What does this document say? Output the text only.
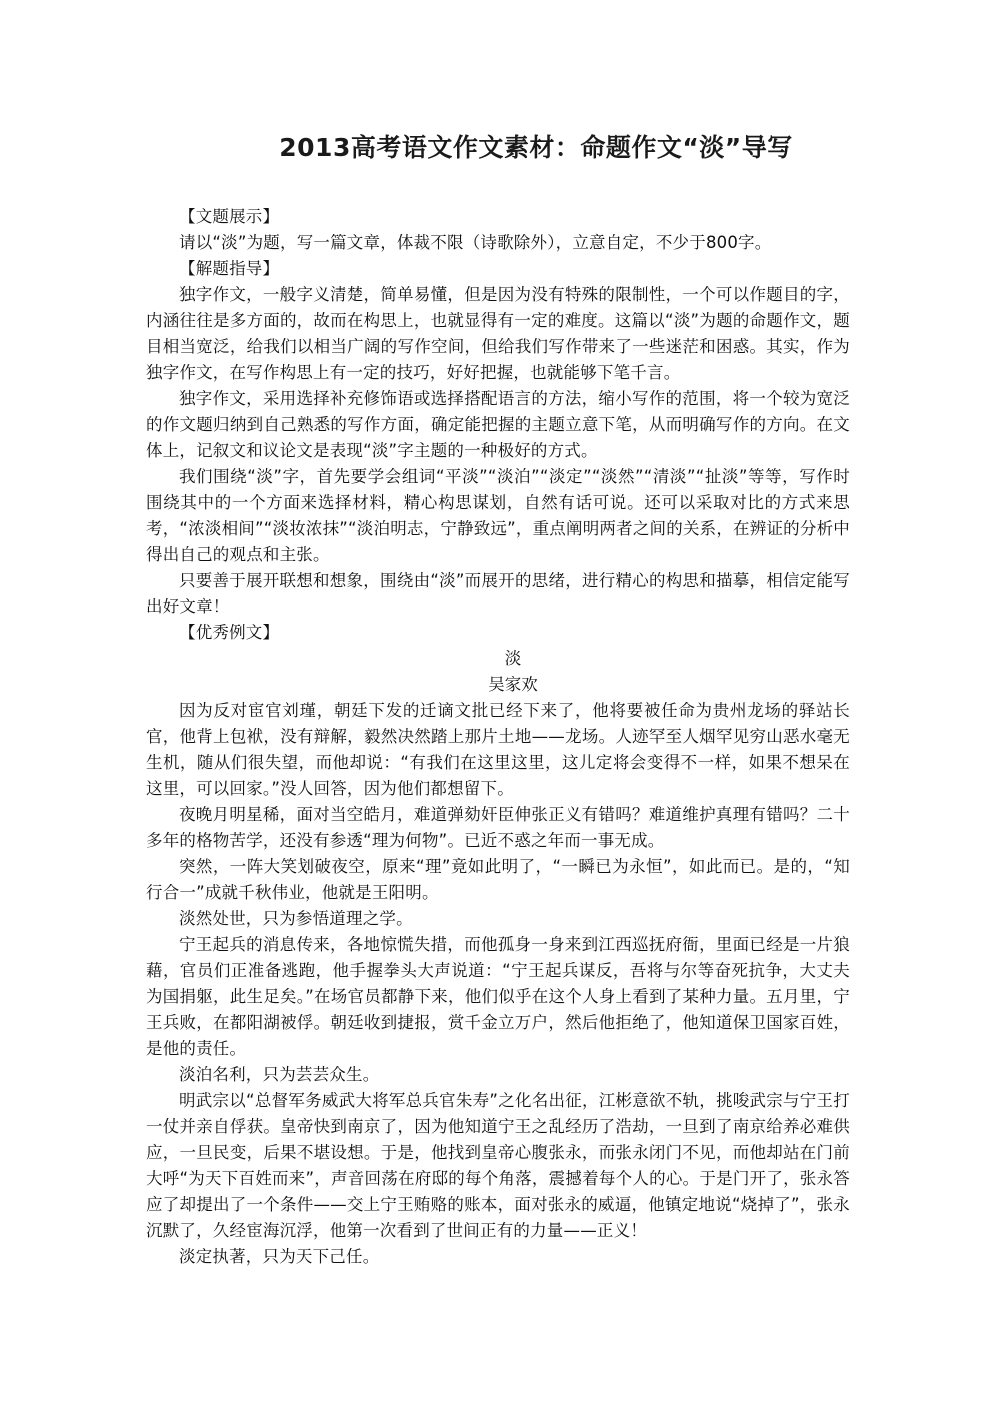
2013高考语文作文素材：命题作文“淡”导写
【文题展示】

请以“淡”为题，写一篇文章，体裁不限（诗歌除外），立意自定，不少于800字。

【解题指导】

独字作文，一般字义清楚，简单易懂，但是因为没有特殊的限制性，一个可以作题目的字，内涵往往是多方面的，故而在构思上，也就显得有一定的难度。这篇以“淡”为题的命题作文，题目相当宽泛，给我们以相当广阔的写作空间，但给我们写作带来了一些迷茫和困惑。其实，作为独字作文，在写作构思上有一定的技巧，好好把握，也就能够下笔千言。

独字作文，采用选择补充修饰语或选择搭配语言的方法，缩小写作的范围，将一个较为宽泛的作文题归纳到自己熟悉的写作方面，确定能把握的主题立意下笔，从而明确写作的方向。在文体上，记叙文和议论文是表现“淡”字主题的一种极好的方式。

我们围绕“淡”字，首先要学会组词“平淡”“淡泊”“淡定”“淡然”“清淡”“扯淡”等等，写作时围绕其中的一个方面来选择材料，精心构思谋划，自然有话可说。还可以采取对比的方式来思考，“浓淡相间”“淡妆浓抹”“淡泊明志，宁静致远”，重点阐明两者之间的关系，在辨证的分析中得出自己的观点和主张。

只要善于展开联想和想象，围绕由“淡”而展开的思绪，进行精心的构思和描摹，相信定能写出好文章！

【优秀例文】
淡
吴家欢

因为反对宦官刘瑾，朝廷下发的迁谪文批已经下来了，他将要被任命为贵州龙场的驿站长官，他背上包袱，没有辩解，毅然决然踏上那片土地——龙场。人迹罕至人烟罕见穷山恶水毫无生机，随从们很失望，而他却说：“有我们在这里这里，这儿定将会变得不一样，如果不想呆在这里，可以回家。”没人回答，因为他们都想留下。

夜晚月明星稀，面对当空皓月，难道弹劾奸臣伸张正义有错吗？难道维护真理有错吗？二十多年的格物苦学，还没有参透“理为何物”。已近不惑之年而一事无成。

突然，一阵大笑划破夜空，原来“理”竟如此明了，“一瞬已为永恒”，如此而已。是的，“知行合一”成就千秋伟业，他就是王阳明。

淡然处世，只为参悟道理之学。

宁王起兵的消息传来，各地惊慌失措，而他孤身一身来到江西巡抚府衙，里面已经是一片狼藉，官员们正准备逃跑，他手握拳头大声说道：“宁王起兵谋反，吾将与尔等奋死抗争，大丈夫为国捐躯，此生足矣。”在场官员都静下来，他们似乎在这个人身上看到了某种力量。五月里，宁王兵败，在都阳湖被俘。朝廷收到捷报，赏千金立万户，然后他拒绝了，他知道保卫国家百姓，是他的责任。

淡泊名利，只为芸芸众生。

明武宗以“总督军务威武大将军总兵官朱寿”之化名出征，江彬意欲不轨，挑唆武宗与宁王打一仗并亲自俘获。皇帝快到南京了，因为他知道宁王之乱经历了浩劫，一旦到了南京给养必难供应，一旦民变，后果不堪设想。于是，他找到皇帝心腹张永，而张永闭门不见，而他却站在门前大呼“为天下百姓而来”，声音回荡在府邸的每个角落，震撼着每个人的心。于是门开了，张永答应了却提出了一个条件——交上宁王贿赂的账本，面对张永的威逼，他镇定地说“烧掉了”，张永沉默了，久经宦海沉浮，他第一次看到了世间正有的力量——正义！

淡定执著，只为天下己任。
